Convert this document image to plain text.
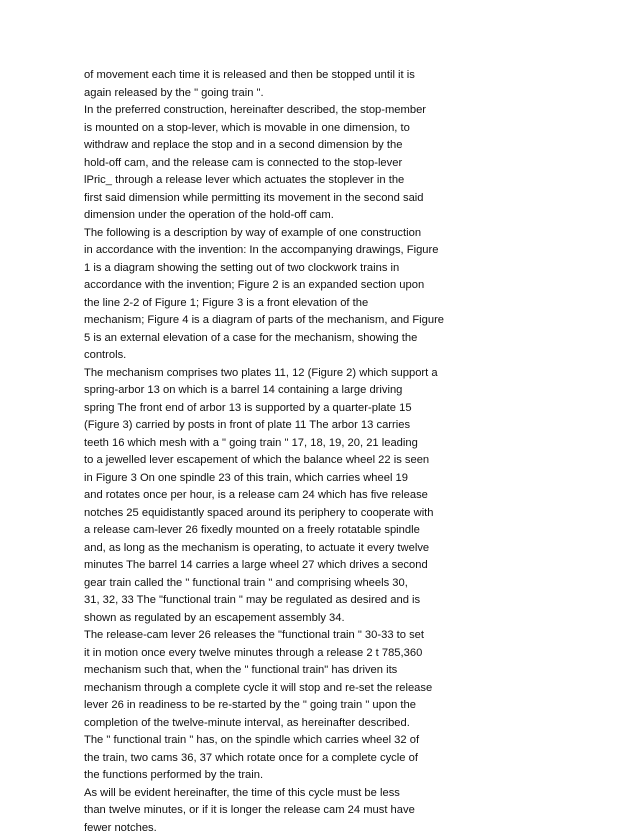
of movement each time it is released and then be stopped until it is
again released by the " going train ".
In the preferred construction, hereinafter described, the stop-member
is mounted on a stop-lever, which is movable in one dimension, to
withdraw and replace the stop and in a second dimension by the
hold-off cam, and the release cam is connected to the stop-lever
lPric_ through a release lever which actuates the stoplever in the
first said dimension while permitting its movement in the second said
dimension under the operation of the hold-off cam.
The following is a description by way of example of one construction
in accordance with the invention: In the accompanying drawings, Figure
1 is a diagram showing the setting out of two clockwork trains in
accordance with the invention; Figure 2 is an expanded section upon
the line 2-2 of Figure 1; Figure 3 is a front elevation of the
mechanism; Figure 4 is a diagram of parts of the mechanism, and Figure
5 is an external elevation of a case for the mechanism, showing the
controls.
The mechanism comprises two plates 11, 12 (Figure 2) which support a
spring-arbor 13 on which is a barrel 14 containing a large driving
spring The front end of arbor 13 is supported by a quarter-plate 15
(Figure 3) carried by posts in front of plate 11 The arbor 13 carries
teeth 16 which mesh with a " going train " 17, 18, 19, 20, 21 leading
to a jewelled lever escapement of which the balance wheel 22 is seen
in Figure 3 On one spindle 23 of this train, which carries wheel 19
and rotates once per hour, is a release cam 24 which has five release
notches 25 equidistantly spaced around its periphery to cooperate with
a release cam-lever 26 fixedly mounted on a freely rotatable spindle
and, as long as the mechanism is operating, to actuate it every twelve
minutes The barrel 14 carries a large wheel 27 which drives a second
gear train called the " functional train " and comprising wheels 30,
31, 32, 33 The "functional train " may be regulated as desired and is
shown as regulated by an escapement assembly 34.
The release-cam lever 26 releases the "functional train " 30-33 to set
it in motion once every twelve minutes through a release 2 t 785,360
mechanism such that, when the " functional train" has driven its
mechanism through a complete cycle it will stop and re-set the release
lever 26 in readiness to be re-started by the " going train " upon the
completion of the twelve-minute interval, as hereinafter described.
The " functional train " has, on the spindle which carries wheel 32 of
the train, two cams 36, 37 which rotate once for a complete cycle of
the functions performed by the train.
As will be evident hereinafter, the time of this cycle must be less
than twelve minutes, or if it is longer the release cam 24 must have
fewer notches.
